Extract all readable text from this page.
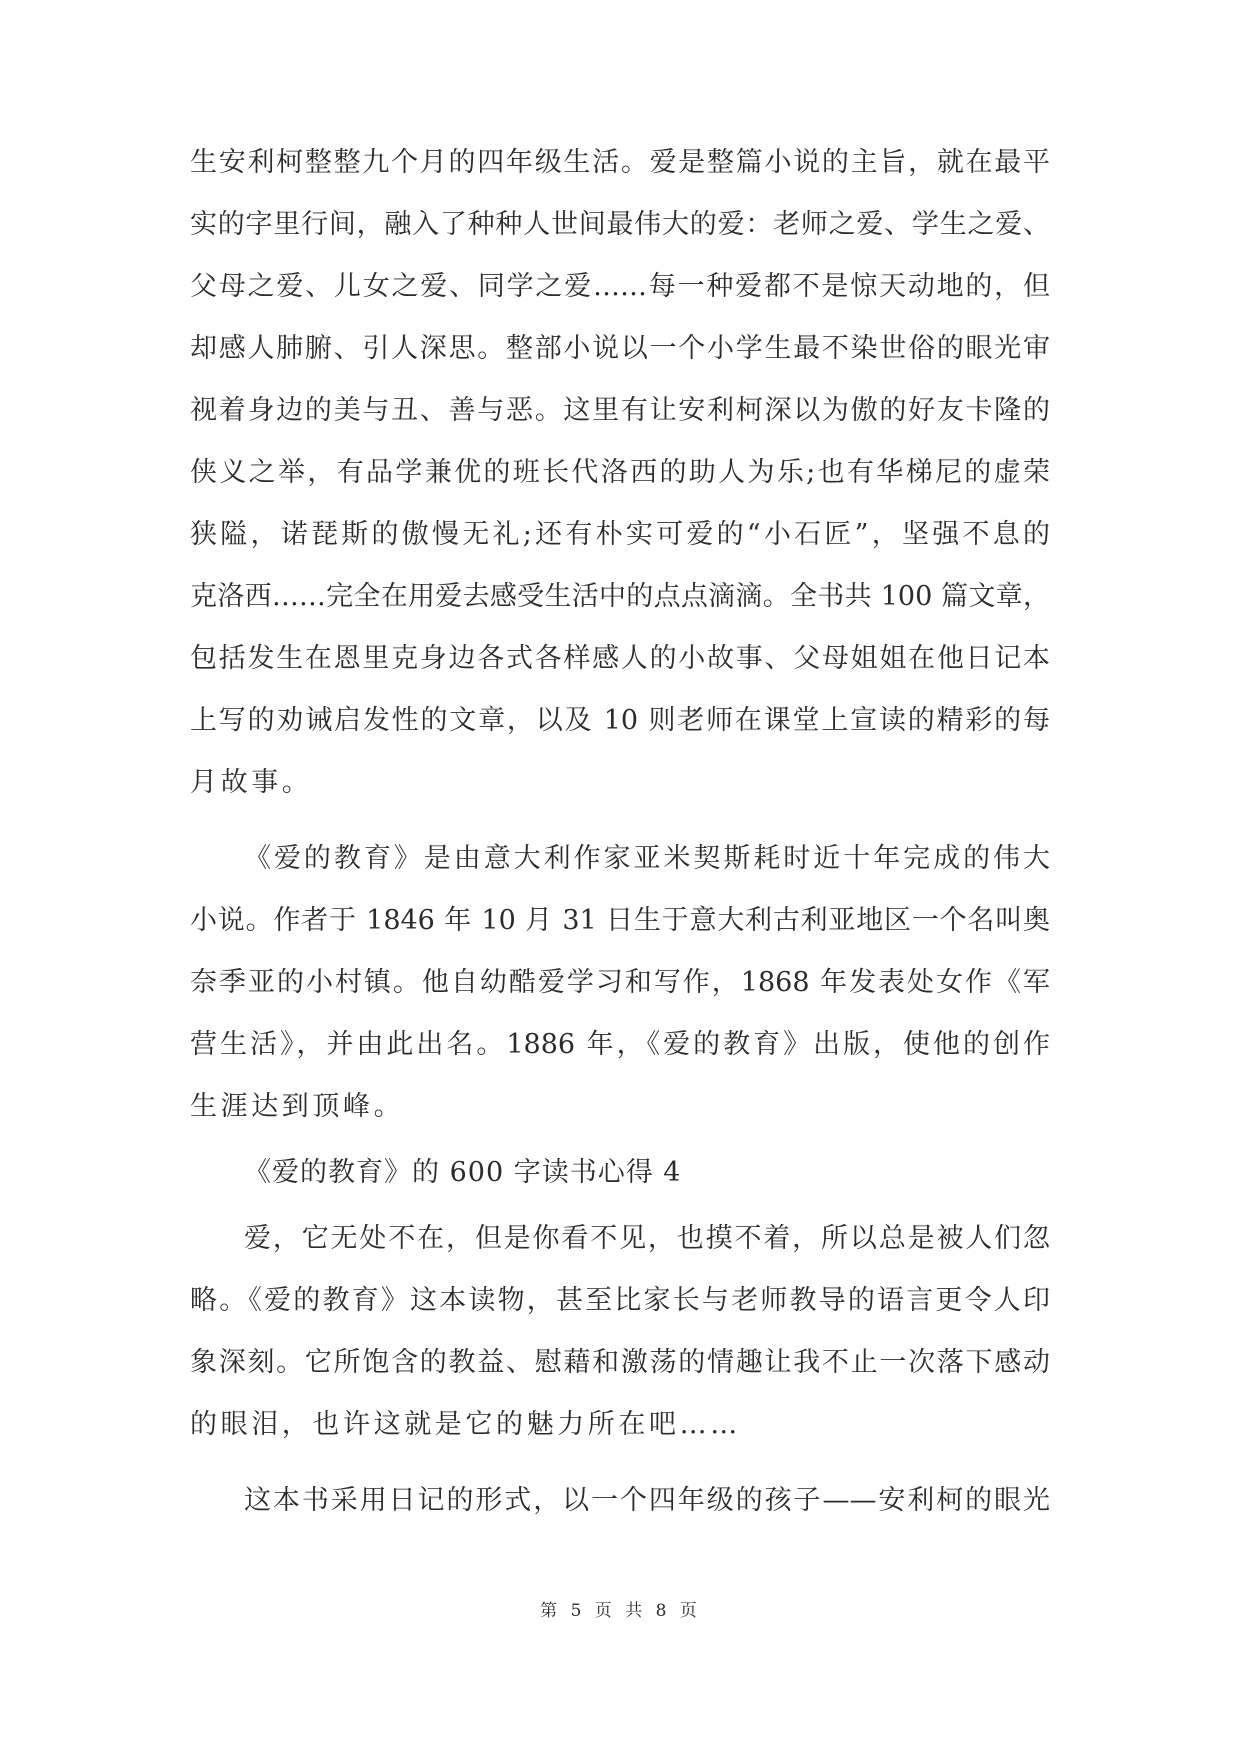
生安利柯整整九个月的四年级生活。爱是整篇小说的主旨，就在最平

实的字里行间，融入了种种人世间最伟大的爱：老师之爱、学生之爱、

父母之爱、儿女之爱、同学之爱……每一种爱都不是惊天动地的，但

却感人肺腑、引人深思。整部小说以一个小学生最不染世俗的眼光审

视着身边的美与丑、善与恶。这里有让安利柯深以为傲的好友卡隆的

侠义之举，有品学兼优的班长代洛西的助人为乐;也有华梯尼的虚荣

狭隘，诺琵斯的傲慢无礼;还有朴实可爱的“小石匠”，坚强不息的

克洛西……完全在用爱去感受生活中的点点滴滴。全书共 100 篇文章，

包括发生在恩里克身边各式各样感人的小故事、父母姐姐在他日记本

上写的劝诫启发性的文章，以及 10 则老师在课堂上宣读的精彩的每

月故事。

《爱的教育》是由意大利作家亚米契斯耗时近十年完成的伟大

小说。作者于 1846 年 10 月 31 日生于意大利古利亚地区一个名叫奥

奈季亚的小村镇。他自幼酷爱学习和写作，1868 年发表处女作《军

营生活》，并由此出名。1886 年，《爱的教育》出版，使他的创作

生涯达到顶峰。

《爱的教育》的 600 字读书心得 4

爱，它无处不在，但是你看不见，也摸不着，所以总是被人们忽

略。《爱的教育》这本读物，甚至比家长与老师教导的语言更令人印

象深刻。它所饱含的教益、慰藉和激荡的情趣让我不止一次落下感动

的眼泪，也许这就是它的魅力所在吧……

这本书采用日记的形式，以一个四年级的孩子——安利柯的眼光

第 5 页 共 8 页
